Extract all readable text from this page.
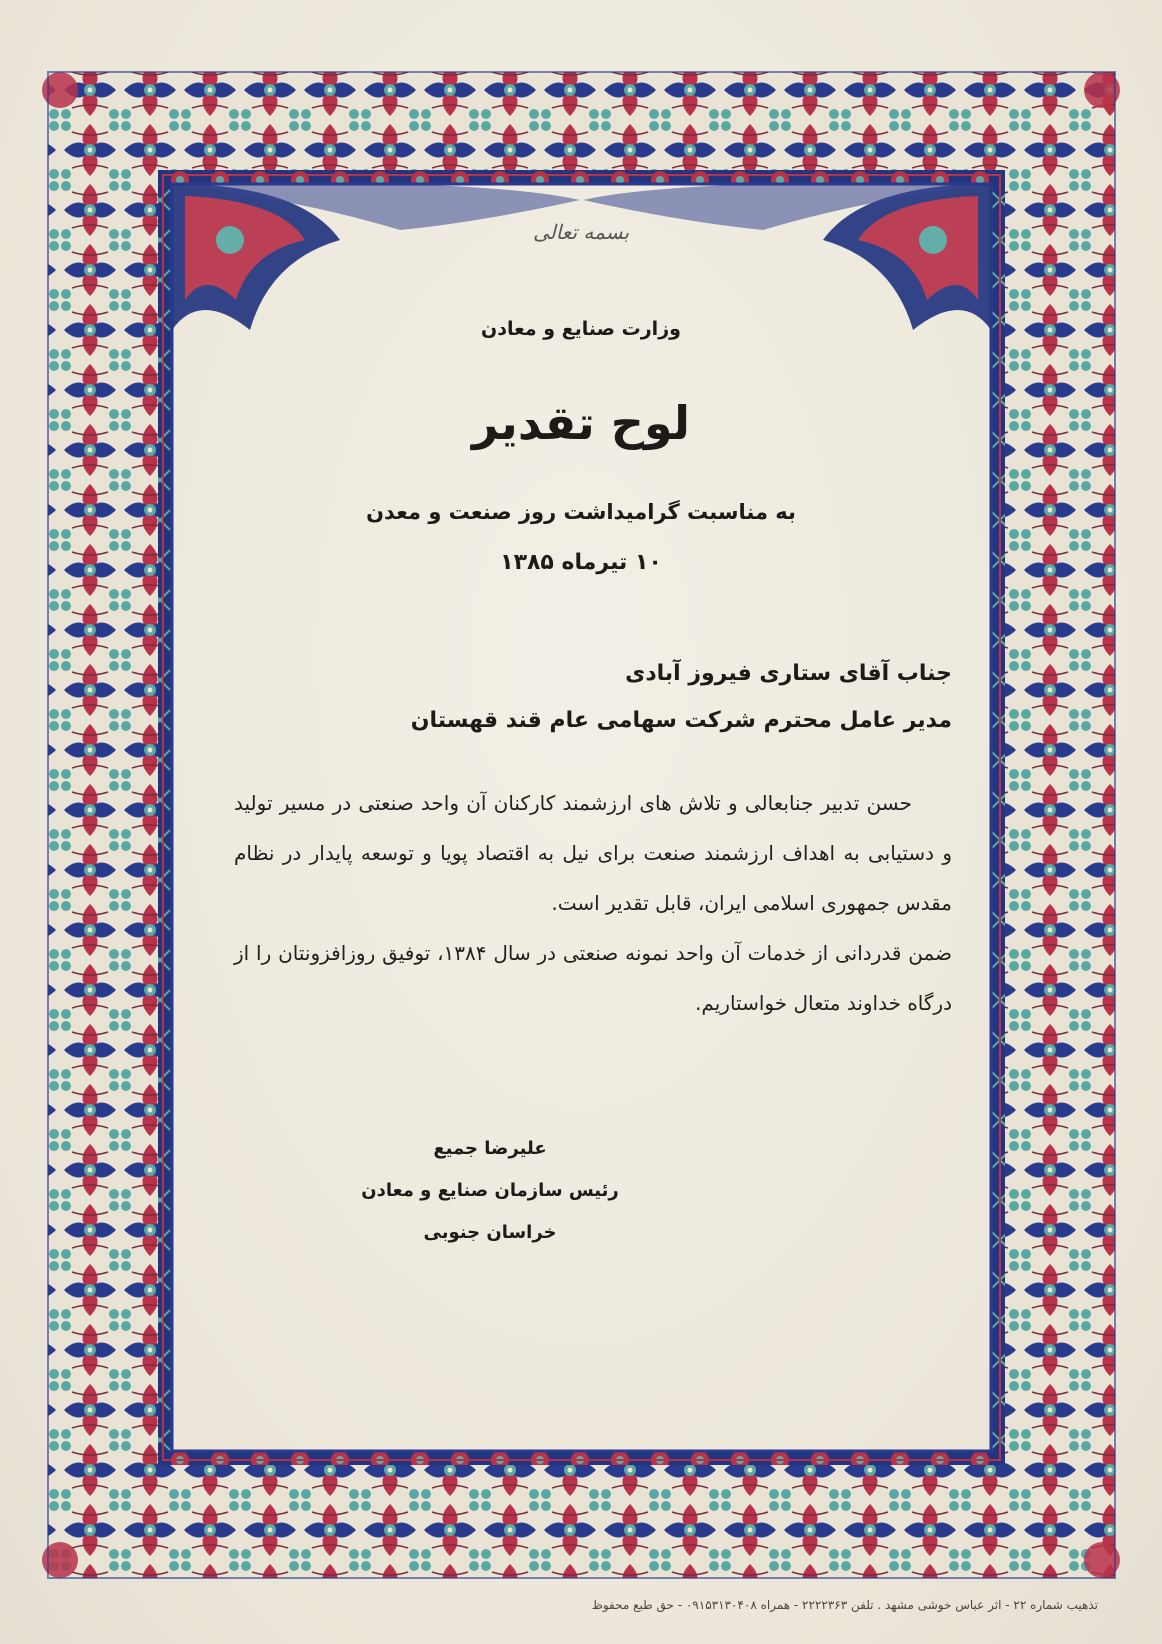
بسمه تعالی
وزارت صنایع و معادن
لوح تقدیر
به مناسبت گرامیداشت روز صنعت و معدن
۱۰ تیرماه ۱۳۸۵
جناب آقای ستاری فیروز آبادی
مدیر عامل محترم شرکت سهامی عام قند قهستان

حسن تدبیر جنابعالی و تلاش های ارزشمند کارکنان آن واحد صنعتی در مسیر تولید و دستیابی به اهداف ارزشمند صنعت برای نیل به اقتصاد پویا و توسعه پایدار در نظام مقدس جمهوری اسلامی ایران، قابل تقدیر است.

ضمن قدردانی از خدمات آن واحد نمونه صنعتی در سال ۱۳۸۴، توفیق روزافزونتان را از درگاه خداوند متعال خواستاریم.

علیرضا جمیع
رئیس سازمان صنایع و معادن
خراسان جنوبی
تذهیب شماره ۲۲ - اثر عباس خوشی مشهد . تلفن ۲۲۲۲۳۶۳ - همراه ۰۹۱۵۳۱۳۰۴۰۸ - حق طبع محفوظ
